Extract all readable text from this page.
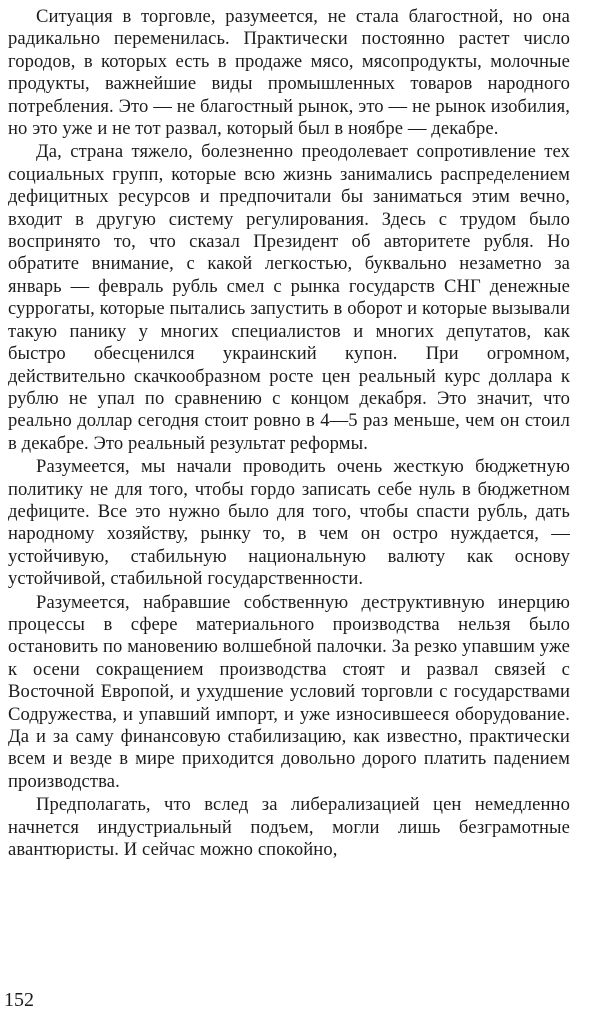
Ситуация в торговле, разумеется, не стала благостной, но она радикально переменилась. Практически постоянно растет число городов, в которых есть в продаже мясо, мясопродукты, молочные продукты, важнейшие виды промышленных товаров народного потребления. Это — не благостный рынок, это — не рынок изобилия, но это уже и не тот развал, который был в ноябре — декабре.

Да, страна тяжело, болезненно преодолевает сопротивление тех социальных групп, которые всю жизнь занимались распределением дефицитных ресурсов и предпочитали бы заниматься этим вечно, входит в другую систему регулирования. Здесь с трудом было воспринято то, что сказал Президент об авторитете рубля. Но обратите внимание, с какой легкостью, буквально незаметно за январь — февраль рубль смел с рынка государств СНГ денежные суррогаты, которые пытались запустить в оборот и которые вызывали такую панику у многих специалистов и многих депутатов, как быстро обесценился украинский купон. При огромном, действительно скачкообразном росте цен реальный курс доллара к рублю не упал по сравнению с концом декабря. Это значит, что реально доллар сегодня стоит ровно в 4—5 раз меньше, чем он стоил в декабре. Это реальный результат реформы.

Разумеется, мы начали проводить очень жесткую бюджетную политику не для того, чтобы гордо записать себе нуль в бюджетном дефиците. Все это нужно было для того, чтобы спасти рубль, дать народному хозяйству, рынку то, в чем он остро нуждается, — устойчивую, стабильную национальную валюту как основу устойчивой, стабильной государственности.

Разумеется, набравшие собственную деструктивную инерцию процессы в сфере материального производства нельзя было остановить по мановению волшебной палочки. За резко упавшим уже к осени сокращением производства стоят и развал связей с Восточной Европой, и ухудшение условий торговли с государствами Содружества, и упавший импорт, и уже износившееся оборудование. Да и за саму финансовую стабилизацию, как известно, практически всем и везде в мире приходится довольно дорого платить падением производства.

Предполагать, что вслед за либерализацией цен немедленно начнется индустриальный подъем, могли лишь безграмотные авантюристы. И сейчас можно спокойно,

152
